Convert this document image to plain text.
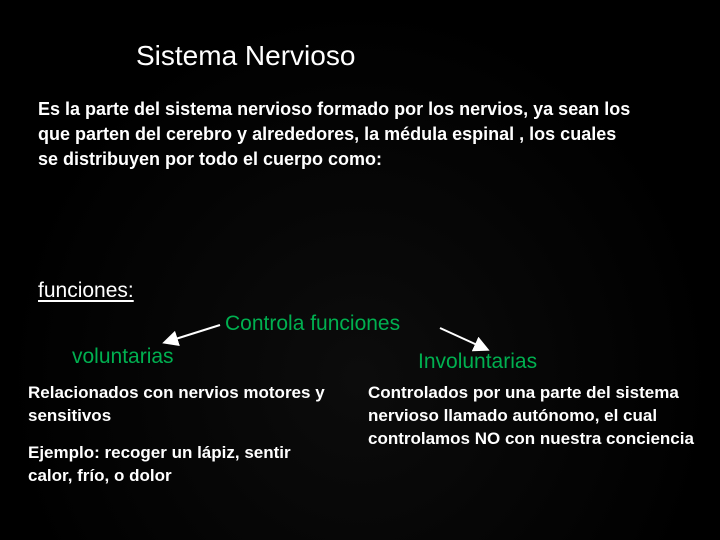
Sistema Nervioso
Es la parte del sistema nervioso formado por los nervios, ya sean los que parten del cerebro y alrededores, la médula espinal , los cuales se distribuyen por todo el cuerpo como:
funciones:
Controla funciones
voluntarias	Involuntarias

Relacionados con nervios motores y sensitivos

Ejemplo: recoger un lápiz, sentir calor, frío, o dolor

Controlados por una parte del sistema nervioso llamado autónomo, el cual controlamos NO con nuestra conciencia
